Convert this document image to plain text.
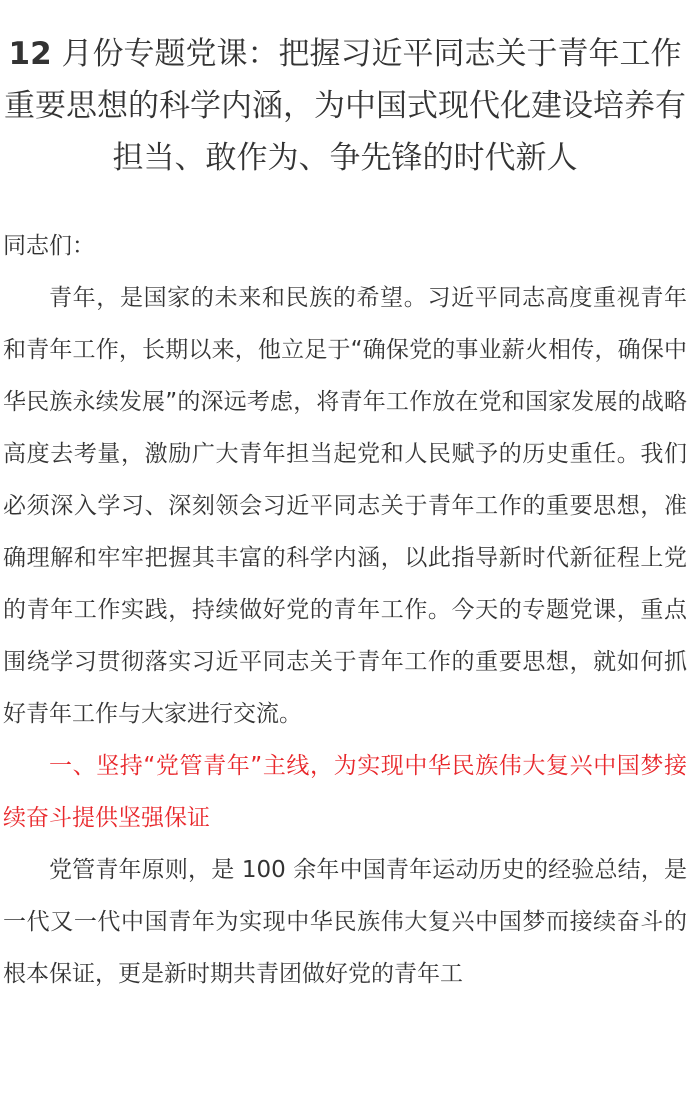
12 月份专题党课：把握习近平同志关于青年工作重要思想的科学内涵，为中国式现代化建设培养有担当、敢作为、争先锋的时代新人

同志们：

青年，是国家的未来和民族的希望。习近平同志高度重视青年和青年工作，长期以来，他立足于“确保党的事业薪火相传，确保中华民族永续发展”的深远考虑，将青年工作放在党和国家发展的战略高度去考量，激励广大青年担当起党和人民赋予的历史重任。我们必须深入学习、深刻领会习近平同志关于青年工作的重要思想，准确理解和牢牢把握其丰富的科学内涵，以此指导新时代新征程上党的青年工作实践，持续做好党的青年工作。今天的专题党课，重点围绕学习贯彻落实习近平同志关于青年工作的重要思想，就如何抓好青年工作与大家进行交流。

一、坚持“党管青年”主线，为实现中华民族伟大复兴中国梦接续奋斗提供坚强保证

党管青年原则，是 100 余年中国青年运动历史的经验总结，是一代又一代中国青年为实现中华民族伟大复兴中国梦而接续奋斗的根本保证，更是新时期共青团做好党的青年工
